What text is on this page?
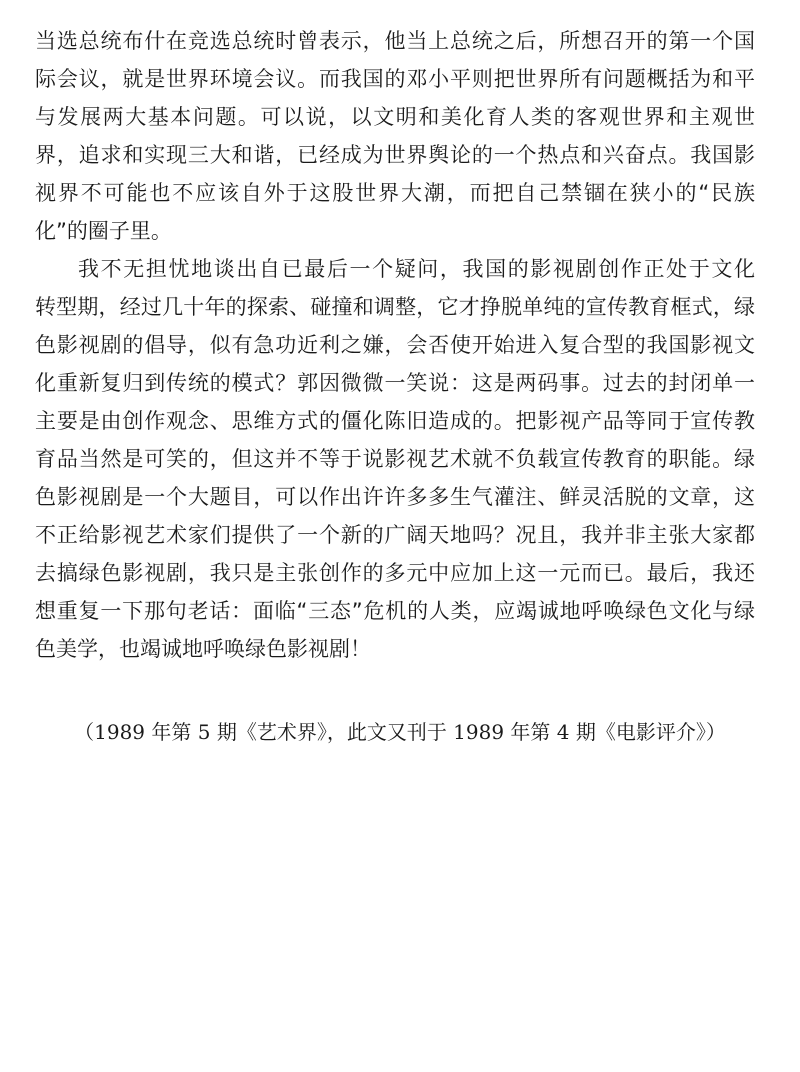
当选总统布什在竞选总统时曾表示，他当上总统之后，所想召开的第一个国
际会议，就是世界环境会议。而我国的邓小平则把世界所有问题概括为和平
与发展两大基本问题。可以说，以文明和美化育人类的客观世界和主观世
界，追求和实现三大和谐，已经成为世界舆论的一个热点和兴奋点。我国影
视界不可能也不应该自外于这股世界大潮，而把自己禁锢在狭小的“民族
化”的圈子里。
我不无担忧地谈出自已最后一个疑问，我国的影视剧创作正处于文化
转型期，经过几十年的探索、碰撞和调整，它才挣脱单纯的宣传教育框式，绿
色影视剧的倡导，似有急功近利之嫌，会否使开始进入复合型的我国影视文
化重新复归到传统的模式？郭因微微一笑说：这是两码事。过去的封闭单一
主要是由创作观念、思维方式的僵化陈旧造成的。把影视产品等同于宣传教
育品当然是可笑的，但这并不等于说影视艺术就不负载宣传教育的职能。绿
色影视剧是一个大题目，可以作出许许多多生气灌注、鲜灵活脱的文章，这
不正给影视艺术家们提供了一个新的广阔天地吗？况且，我并非主张大家都
去搞绿色影视剧，我只是主张创作的多元中应加上这一元而已。最后，我还
想重复一下那句老话：面临“三态”危机的人类，应竭诚地呼唤绿色文化与绿
色美学，也竭诚地呼唤绿色影视剧！
（1989 年第 5 期《艺术界》，此文又刊于 1989 年第 4 期《电影评介》）
